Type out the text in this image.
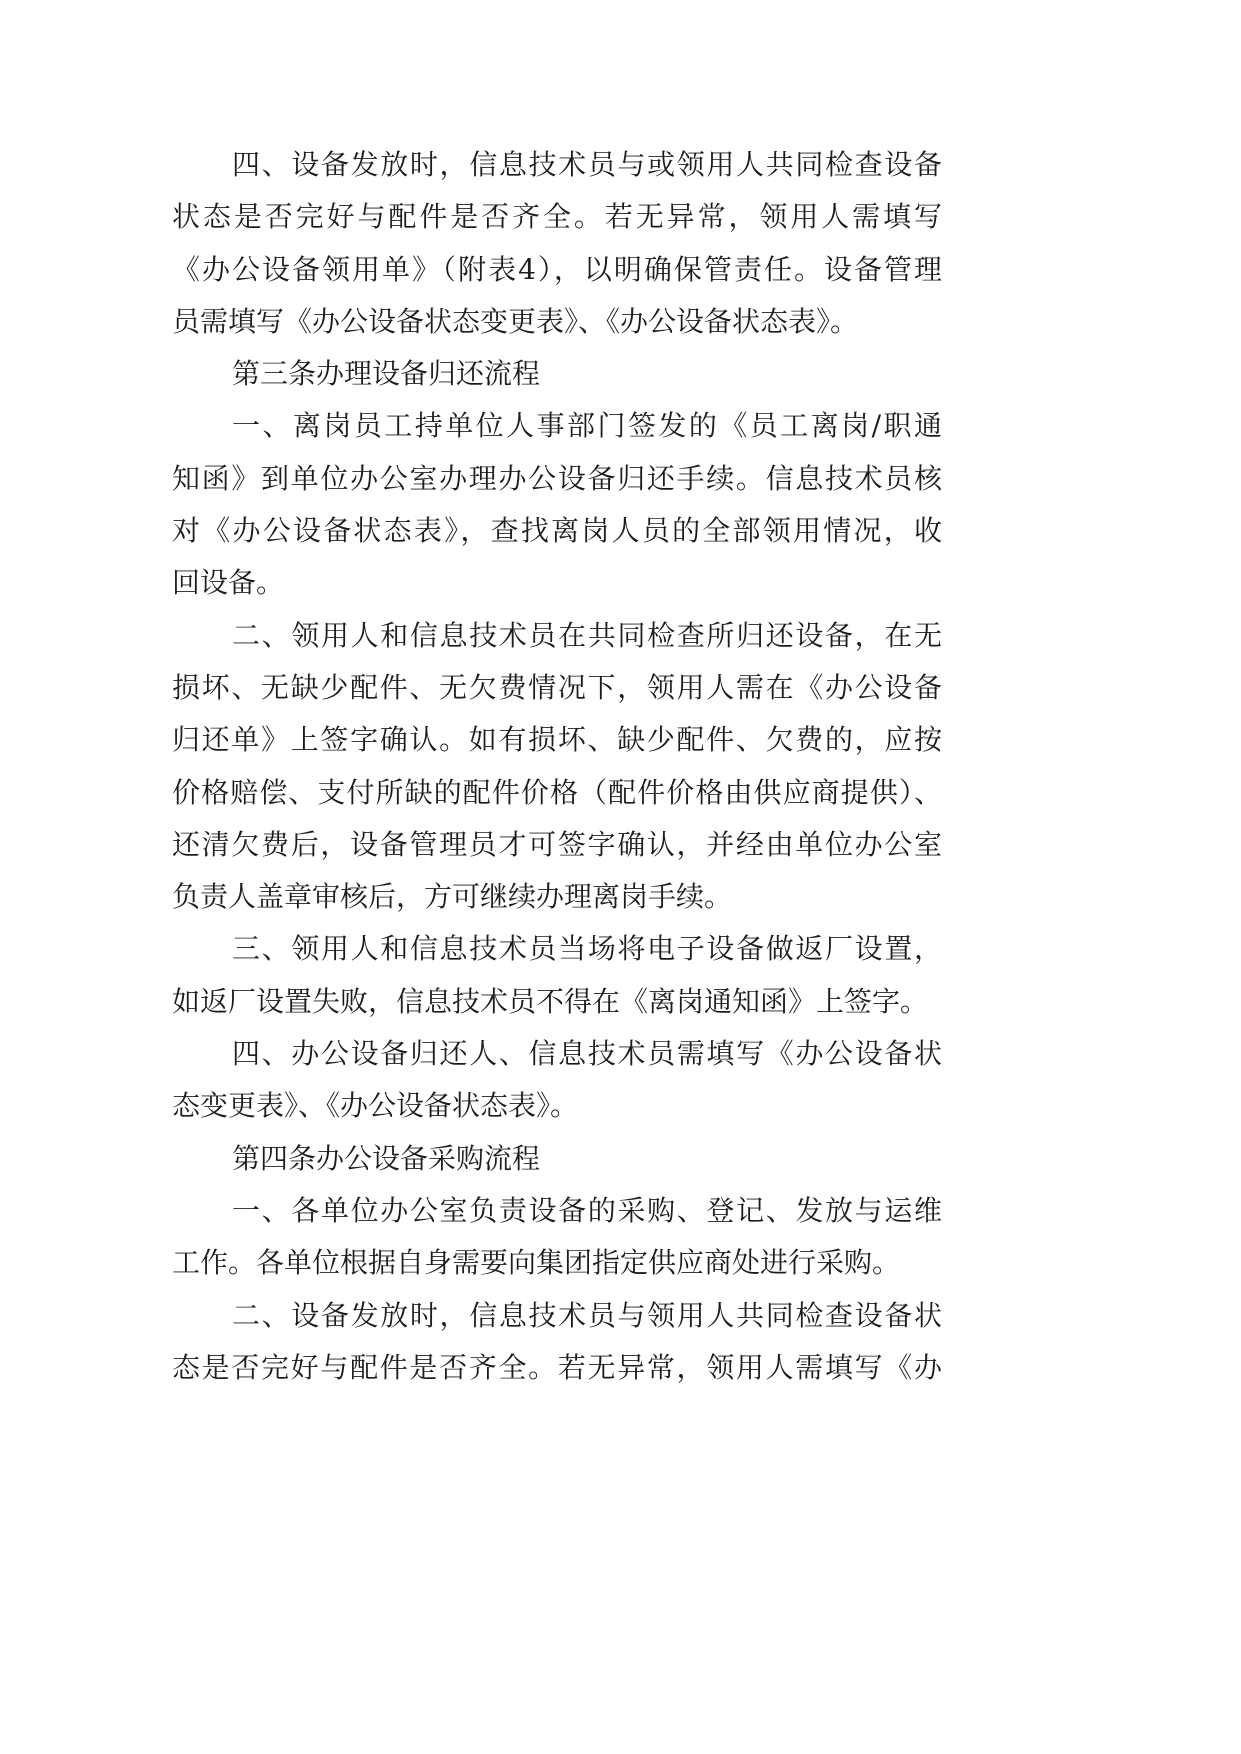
四、设备发放时，信息技术员与或领用人共同检查设备
状态是否完好与配件是否齐全。若无异常，领用人需填写
《办公设备领用单》（附表4），以明确保管责任。设备管理
员需填写《办公设备状态变更表》、《办公设备状态表》。
第三条办理设备归还流程
一、离岗员工持单位人事部门签发的《员工离岗/职通
知函》到单位办公室办理办公设备归还手续。信息技术员核
对《办公设备状态表》，查找离岗人员的全部领用情况，收
回设备。
二、领用人和信息技术员在共同检查所归还设备，在无
损坏、无缺少配件、无欠费情况下，领用人需在《办公设备
归还单》上签字确认。如有损坏、缺少配件、欠费的，应按
价格赔偿、支付所缺的配件价格（配件价格由供应商提供）、
还清欠费后，设备管理员才可签字确认，并经由单位办公室
负责人盖章审核后，方可继续办理离岗手续。
三、领用人和信息技术员当场将电子设备做返厂设置，
如返厂设置失败，信息技术员不得在《离岗通知函》上签字。
四、办公设备归还人、信息技术员需填写《办公设备状
态变更表》、《办公设备状态表》。
第四条办公设备采购流程
一、各单位办公室负责设备的采购、登记、发放与运维
工作。各单位根据自身需要向集团指定供应商处进行采购。
二、设备发放时，信息技术员与领用人共同检查设备状
态是否完好与配件是否齐全。若无异常，领用人需填写《办
